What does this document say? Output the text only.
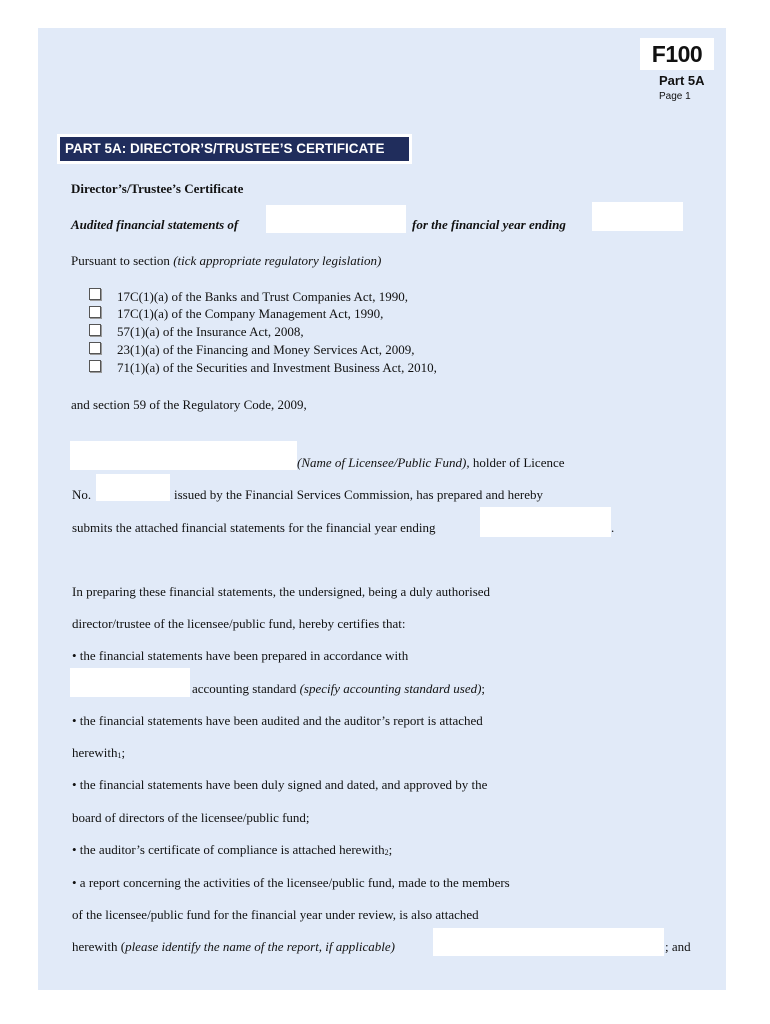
F100
Part 5A
Page 1
PART 5A: DIRECTOR’S/TRUSTEE’S CERTIFICATE
Director’s/Trustee’s Certificate
Audited financial statements of	for the financial year ending
Pursuant to section (tick appropriate regulatory legislation)
17C(1)(a) of the Banks and Trust Companies Act, 1990,
17C(1)(a) of the Company Management Act, 1990,
57(1)(a) of the Insurance Act, 2008,
23(1)(a) of the Financing and Money Services Act, 2009,
71(1)(a) of the Securities and Investment Business Act, 2010,
and section 59 of the Regulatory Code, 2009,
(Name of Licensee/Public Fund), holder of Licence
No.	issued by the Financial Services Commission, has prepared and hereby
submits the attached financial statements for the financial year ending	.
In preparing these financial statements, the undersigned, being a duly authorised
director/trustee of the licensee/public fund, hereby certifies that:
• the financial statements have been prepared in accordance with
accounting standard (specify accounting standard used);
• the financial statements have been audited and the auditor’s report is attached
herewith$^1$;
• the financial statements have been duly signed and dated, and approved by the
board of directors of the licensee/public fund;
• the auditor’s certificate of compliance is attached herewith$^2$;
• a report concerning the activities of the licensee/public fund, made to the members
of the licensee/public fund for the financial year under review, is also attached
herewith (please identify the name of the report, if applicable)	; and
